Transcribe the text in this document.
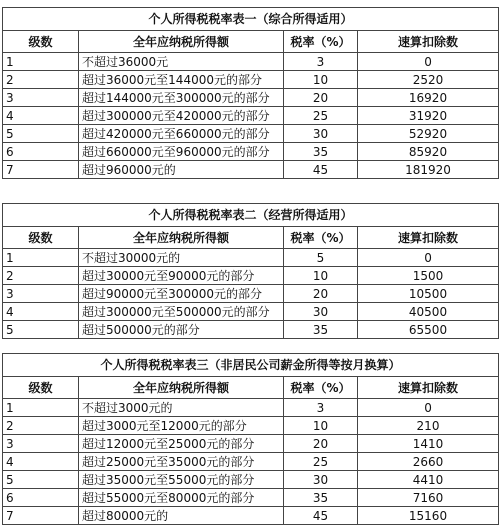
个人所得税税率表一（综合所得适用）			
级数	全年应纳税所得额	税率（%）	速算扣除数
1	不超过36000元	3	0
2	超过36000元至144000元的部分	10	2520
3	超过144000元至300000元的部分	20	16920
4	超过300000元至420000元的部分	25	31920
5	超过420000元至660000元的部分	30	52920
6	超过660000元至960000元的部分	35	85920
7	超过960000元的	45	181920
个人所得税税率表二（经营所得适用）			
级数	全年应纳税所得额	税率（%）	速算扣除数
1	不超过30000元的	5	0
2	超过30000元至90000元的部分	10	1500
3	超过90000元至300000元的部分	20	10500
4	超过300000元至500000元的部分	30	40500
5	超过500000元的部分	35	65500
个人所得税税率表三（非居民公司薪金所得等按月换算）			
级数	全年应纳税所得额	税率（%）	速算扣除数
1	不超过3000元的	3	0
2	超过3000元至12000元的部分	10	210
3	超过12000元至25000元的部分	20	1410
4	超过25000元至35000元的部分	25	2660
5	超过35000元至55000元的部分	30	4410
6	超过55000元至80000元的部分	35	7160
7	超过80000元的	45	15160
